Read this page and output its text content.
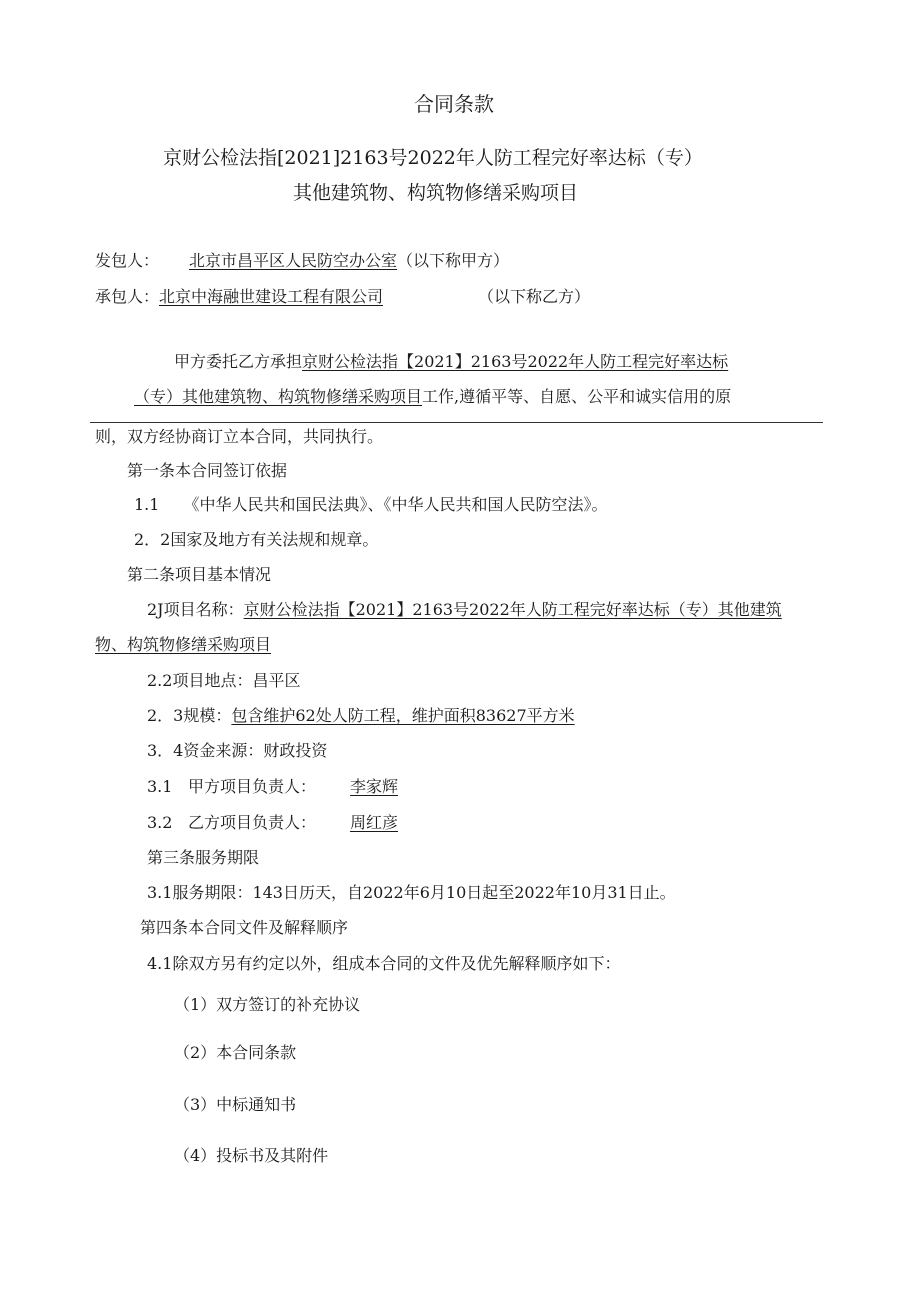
合同条款
京财公检法指[2021]2163号2022年人防工程完好率达标（专）
其他建筑物、构筑物修缮采购项目
发包人： 北京市昌平区人民防空办公室（以下称甲方）
承包人：北京中海融世建设工程有限公司	（以下称乙方）
甲方委托乙方承担京财公检法指【2021】2163号2022年人防工程完好率达标
（专）其他建筑物、构筑物修缮采购项目工作,遵循平等、自愿、公平和诚实信用的原
则，双方经协商订立本合同，共同执行。
第一条本合同签订依据
1.1 《中华人民共和国民法典》、《中华人民共和国人民防空法》。
2．2国家及地方有关法规和规章。
第二条项目基本情况
2J项目名称：京财公检法指【2021】2163号2022年人防工程完好率达标（专）其他建筑
物、构筑物修缮采购项目
2.2项目地点：昌平区
2．3规模：包含维护62处人防工程，维护面积83627平方米
3．4资金来源：财政投资
3.1 甲方项目负责人： 李家辉
3.2 乙方项目负责人： 周红彦
第三条服务期限
3.1服务期限：143日历天，自2022年6月10日起至2022年10月31日止。
第四条本合同文件及解释顺序
4.1除双方另有约定以外，组成本合同的文件及优先解释顺序如下：
（1）双方签订的补充协议
（2）本合同条款
（3）中标通知书
（4）投标书及其附件
